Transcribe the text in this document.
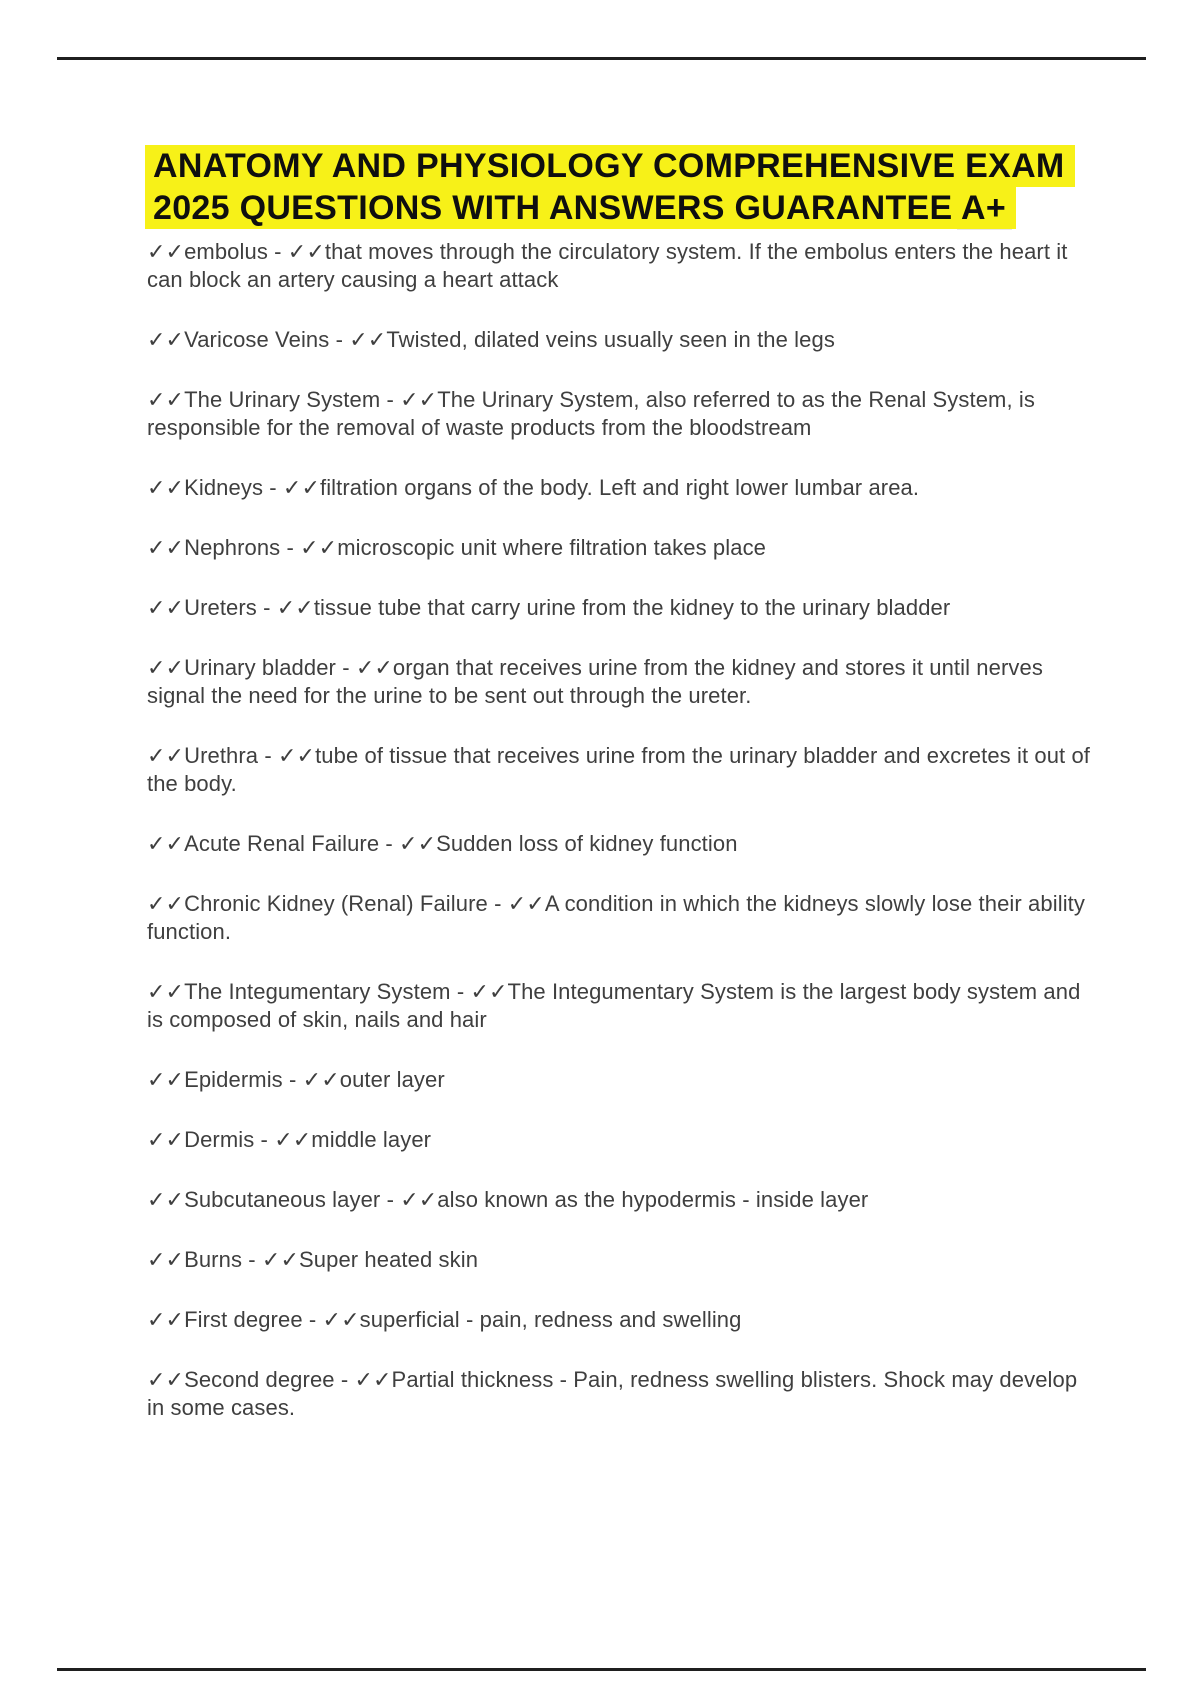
ANATOMY AND PHYSIOLOGY COMPREHENSIVE EXAM
2025 QUESTIONS WITH ANSWERS GUARANTEE A+

✓✓embolus - ✓✓that moves through the circulatory system. If the embolus enters the heart it can block an artery causing a heart attack

✓✓Varicose Veins - ✓✓Twisted, dilated veins usually seen in the legs

✓✓The Urinary System - ✓✓The Urinary System, also referred to as the Renal System, is responsible for the removal of waste products from the bloodstream

✓✓Kidneys - ✓✓filtration organs of the body. Left and right lower lumbar area.

✓✓Nephrons - ✓✓microscopic unit where filtration takes place

✓✓Ureters - ✓✓tissue tube that carry urine from the kidney to the urinary bladder

✓✓Urinary bladder - ✓✓organ that receives urine from the kidney and stores it until nerves signal the need for the urine to be sent out through the ureter.

✓✓Urethra - ✓✓tube of tissue that receives urine from the urinary bladder and excretes it out of the body.

✓✓Acute Renal Failure - ✓✓Sudden loss of kidney function

✓✓Chronic Kidney (Renal) Failure - ✓✓A condition in which the kidneys slowly lose their ability function.

✓✓The Integumentary System - ✓✓The Integumentary System is the largest body system and is composed of skin, nails and hair

✓✓Epidermis - ✓✓outer layer

✓✓Dermis - ✓✓middle layer

✓✓Subcutaneous layer - ✓✓also known as the hypodermis - inside layer

✓✓Burns - ✓✓Super heated skin

✓✓First degree - ✓✓superficial - pain, redness and swelling

✓✓Second degree - ✓✓Partial thickness - Pain, redness swelling blisters. Shock may develop in some cases.
